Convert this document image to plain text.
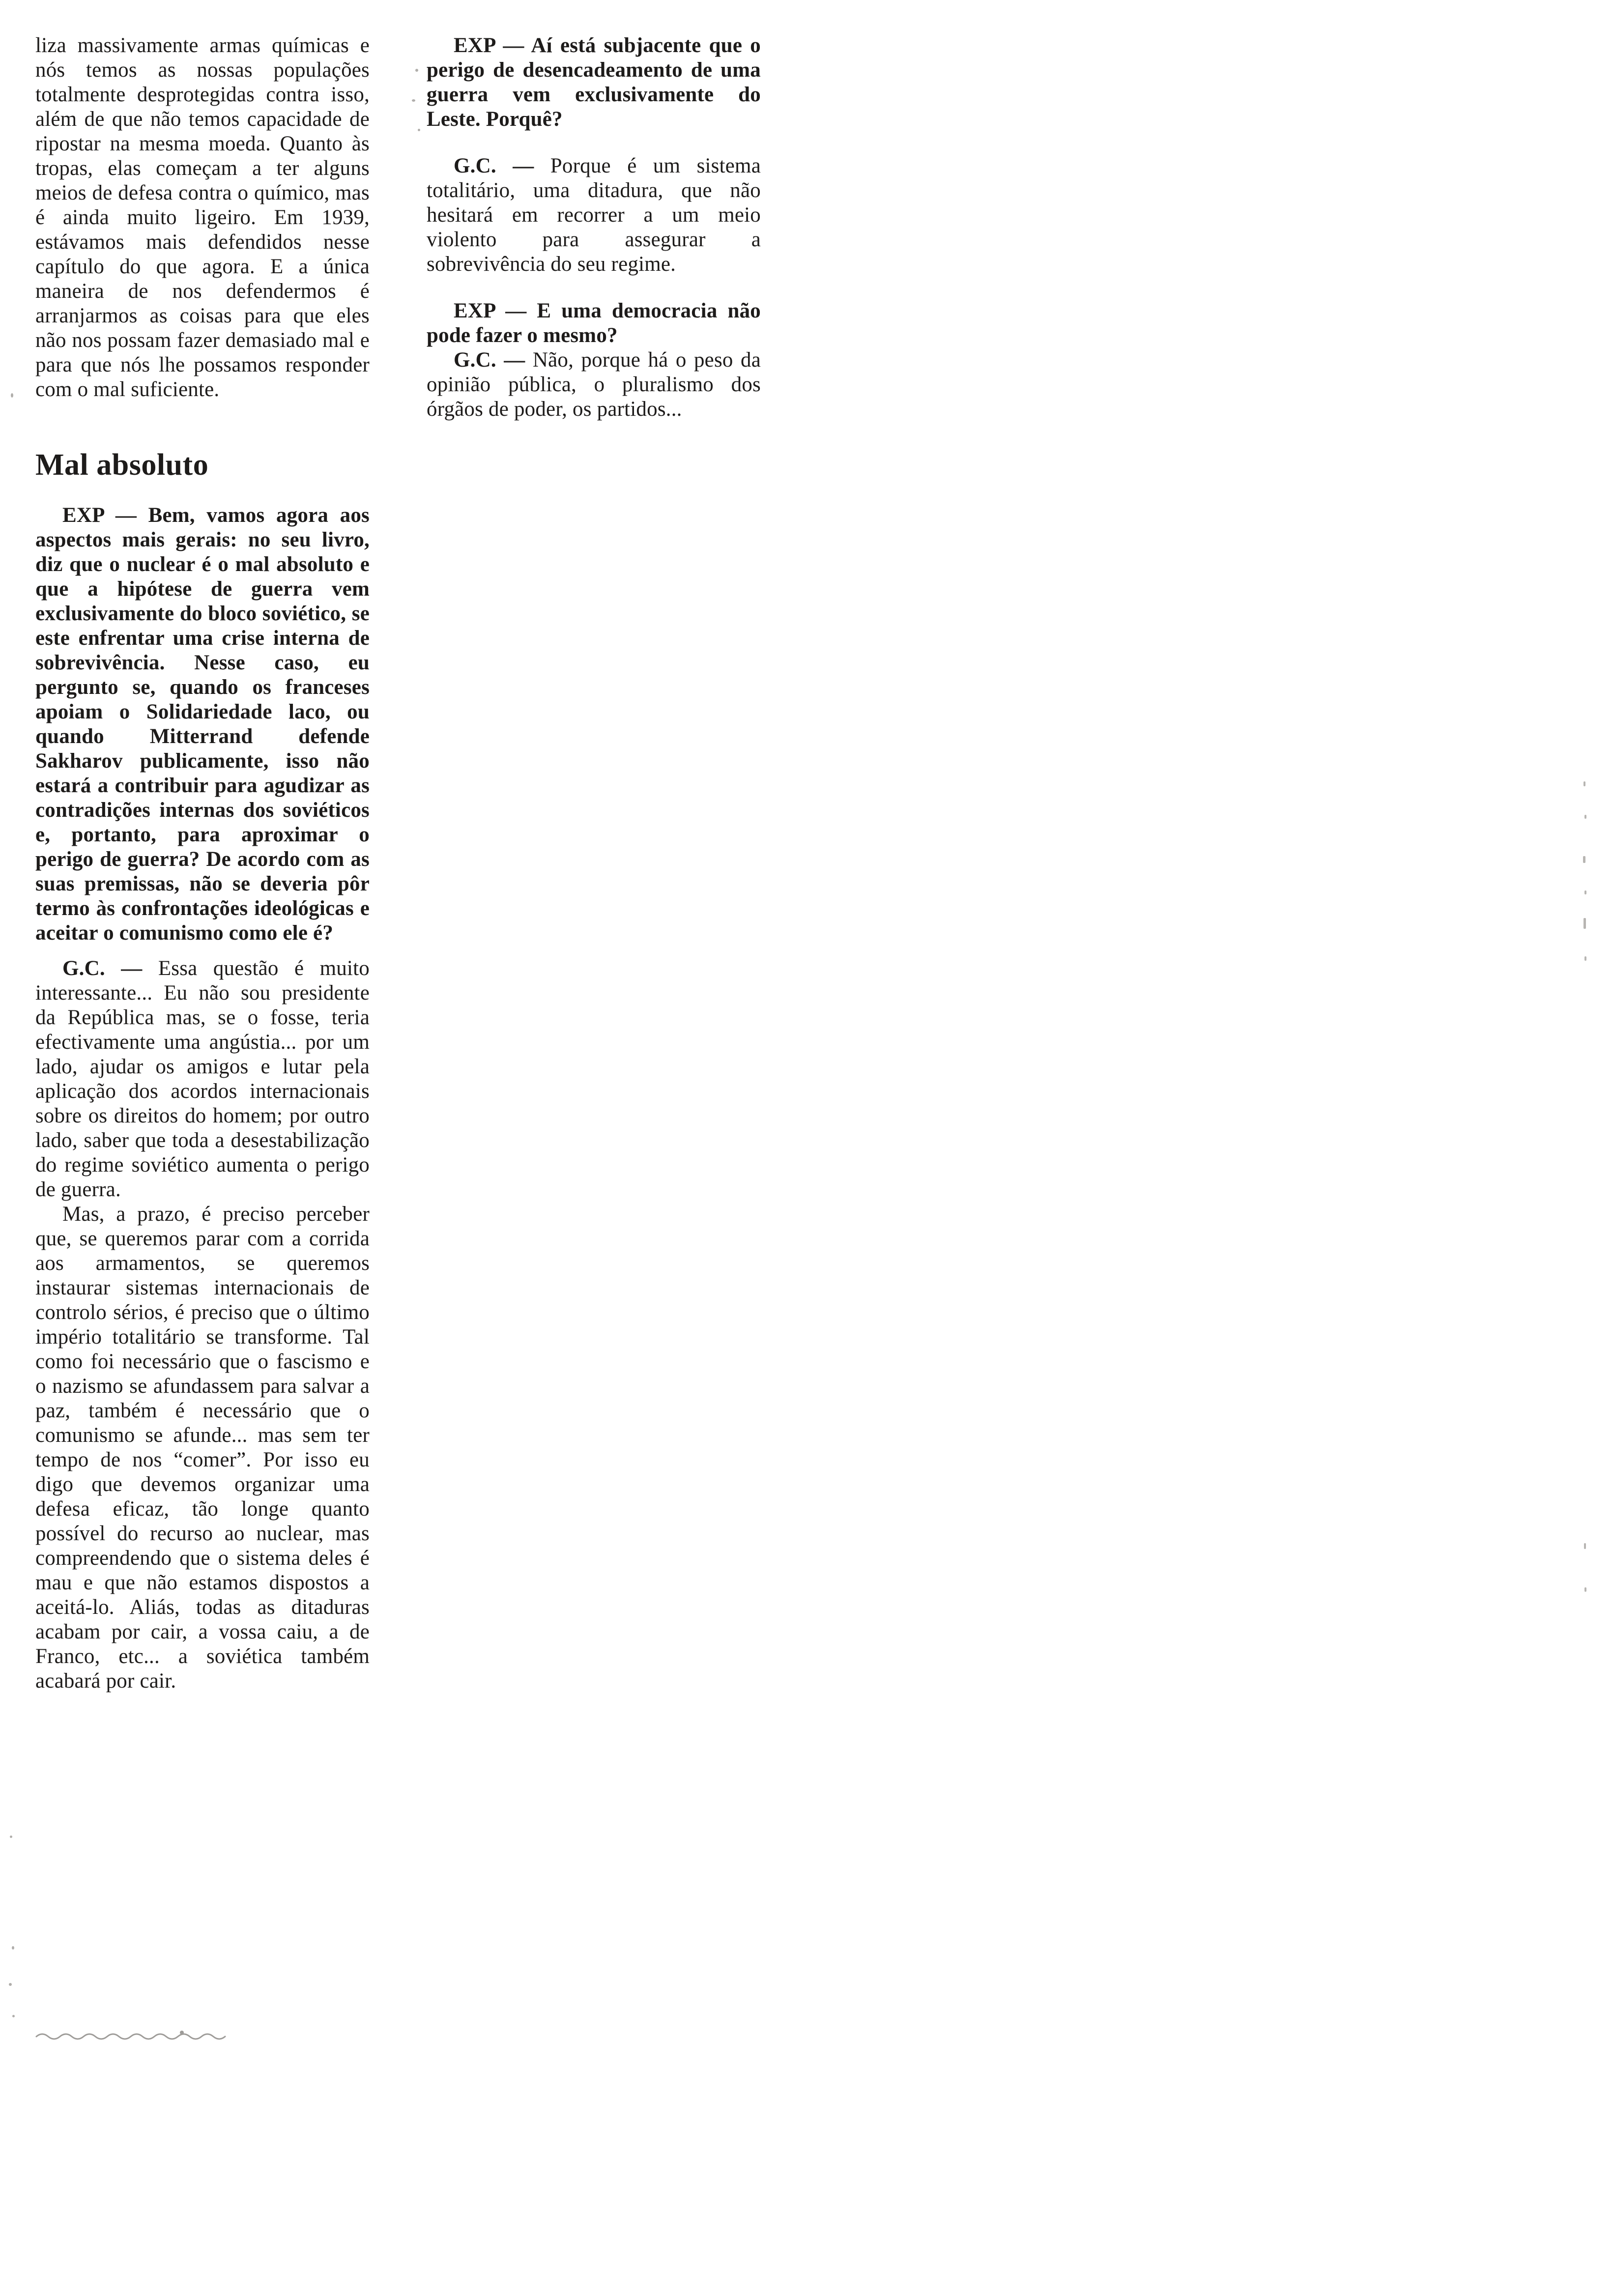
liza massivamente armas químicas e nós temos as nossas populações totalmente desprotegidas contra isso, além de que não temos capacidade de ripostar na mesma moeda. Quanto às tropas, elas começam a ter alguns meios de defesa contra o químico, mas é ainda muito ligeiro. Em 1939, estávamos mais defendidos nesse capítulo do que agora. E a única maneira de nos defendermos é arranjarmos as coisas para que eles não nos possam fazer demasiado mal e para que nós lhe possamos responder com o mal suficiente.

Mal absoluto

EXP — Bem, vamos agora aos aspectos mais gerais: no seu livro, diz que o nuclear é o mal absoluto e que a hipótese de guerra vem exclusivamente do bloco soviético, se este enfrentar uma crise interna de sobrevivência. Nesse caso, eu pergunto se, quando os franceses apoiam o Solidariedade laco, ou quando Mitterrand defende Sakharov publicamente, isso não estará a contribuir para agudizar as contradições internas dos soviéticos e, portanto, para aproximar o perigo de guerra? De acordo com as suas premissas, não se deveria pôr termo às confrontações ideológicas e aceitar o comunismo como ele é?

G.C. — Essa questão é muito interessante... Eu não sou presidente da República mas, se o fosse, teria efectivamente uma angústia... por um lado, ajudar os amigos e lutar pela aplicação dos acordos internacionais sobre os direitos do homem; por outro lado, saber que toda a desestabilização do regime soviético aumenta o perigo de guerra.

Mas, a prazo, é preciso perceber que, se queremos parar com a corrida aos armamentos, se queremos instaurar sistemas internacionais de controlo sérios, é preciso que o último império totalitário se transforme. Tal como foi necessário que o fascismo e o nazismo se afundassem para salvar a paz, também é necessário que o comunismo se afunde... mas sem ter tempo de nos “comer”. Por isso eu digo que devemos organizar uma defesa eficaz, tão longe quanto possível do recurso ao nuclear, mas compreendendo que o sistema deles é mau e que não estamos dispostos a aceitá-lo. Aliás, todas as ditaduras acabam por cair, a vossa caiu, a de Franco, etc... a soviética também acabará por cair.

EXP — Aí está subjacente que o perigo de desencadeamento de uma guerra vem exclusivamente do Leste. Porquê?

G.C. — Porque é um sistema totalitário, uma ditadura, que não hesitará em recorrer a um meio violento para assegurar a sobrevivência do seu regime.

EXP — E uma democracia não pode fazer o mesmo?

G.C. — Não, porque há o peso da opinião pública, o pluralismo dos órgãos de poder, os partidos...
